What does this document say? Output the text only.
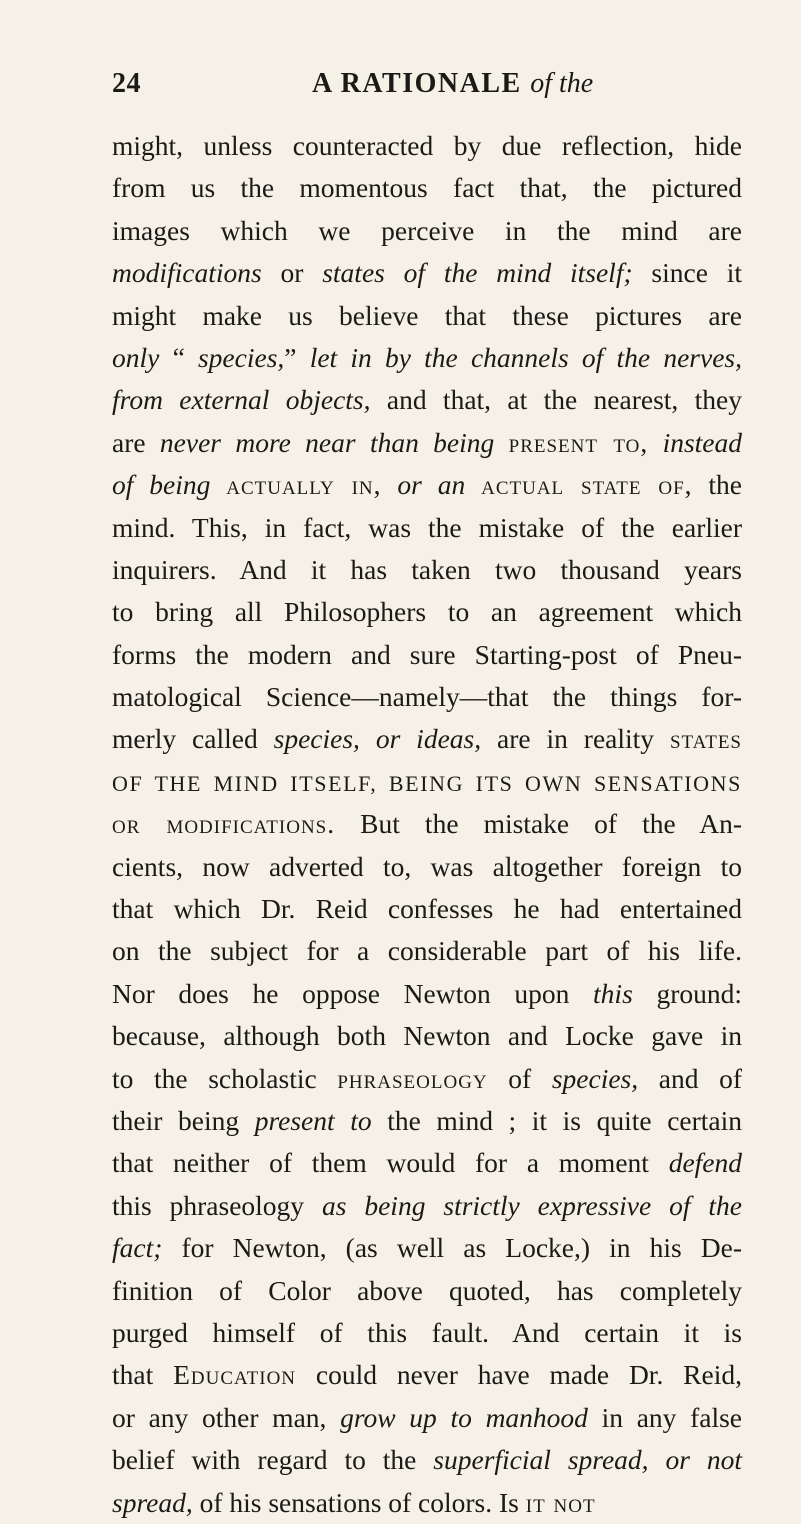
24	A RATIONALE of the
might, unless counteracted by due reflection, hide
from us the momentous fact that, the pictured
images which we perceive in the mind are
modifications or states of the mind itself; since it
might make us believe that these pictures are
only “ species,” let in by the channels of the nerves,
from external objects, and that, at the nearest, they
are never more near than being present to, instead
of being actually in, or an actual state of, the
mind. This, in fact, was the mistake of the earlier
inquirers. And it has taken two thousand years
to bring all Philosophers to an agreement which
forms the modern and sure Starting-post of Pneu-
matological Science—namely—that the things for-
merly called species, or ideas, are in reality states
OF THE MIND ITSELF, BEING ITS OWN SENSATIONS
or modifications. But the mistake of the An-
cients, now adverted to, was altogether foreign to
that which Dr. Reid confesses he had entertained
on the subject for a considerable part of his life.
Nor does he oppose Newton upon this ground:
because, although both Newton and Locke gave in
to the scholastic phraseology of species, and of
their being present to the mind ; it is quite certain
that neither of them would for a moment defend
this phraseology as being strictly expressive of the
fact; for Newton, (as well as Locke,) in his De-
finition of Color above quoted, has completely
purged himself of this fault. And certain it is
that Education could never have made Dr. Reid,
or any other man, grow up to manhood in any false
belief with regard to the superficial spread, or not
spread, of his sensations of colors. Is it not
